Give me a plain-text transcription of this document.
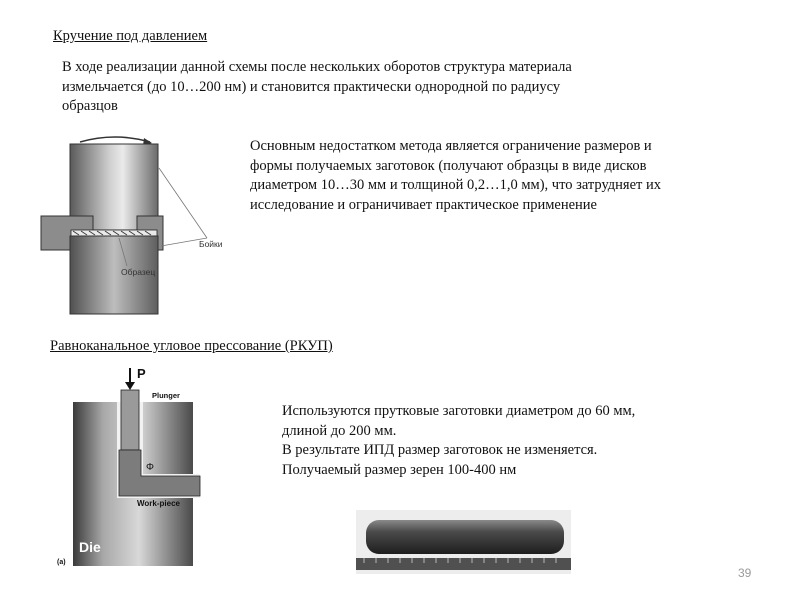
Кручение под давлением
В ходе реализации данной схемы после нескольких оборотов структура материала
измельчается (до 10…200 нм) и становится практически однородной по радиусу
образцов
Бойки
Образец
Основным недостатком метода является ограничение размеров и
формы получаемых заготовок (получают образцы в виде дисков
диаметром 10…30 мм и толщиной 0,2…1,0 мм), что затрудняет их
исследование и ограничивает практическое применение
Равноканальное угловое прессование (РКУП)
P
Plunger
Φ
Work-piece
Die
(a)
Используются прутковые заготовки диаметром до 60 мм,
длиной до 200 мм.
В результате ИПД размер заготовок не изменяется.
Получаемый размер зерен 100-400 нм
39
